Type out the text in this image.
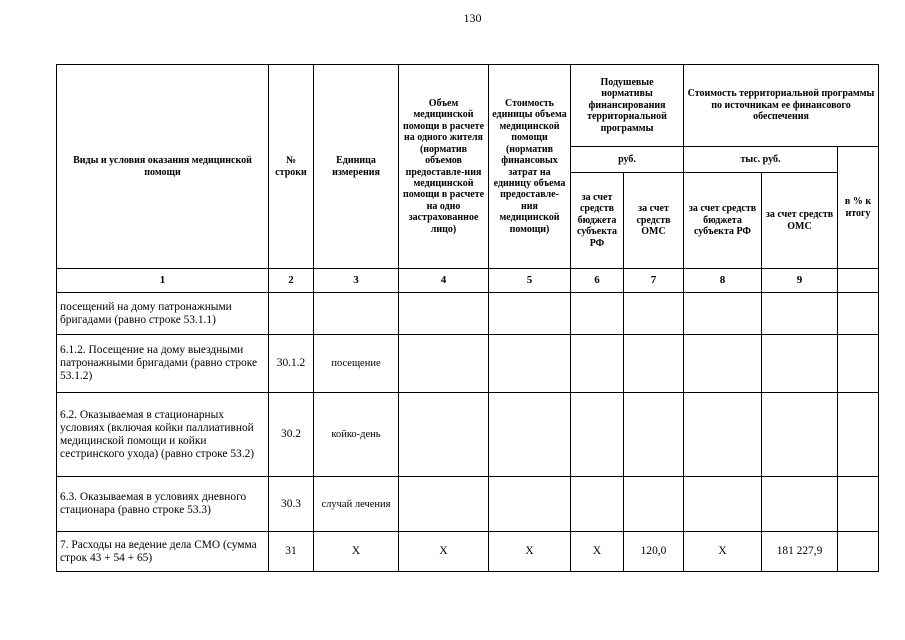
130
Виды и условия оказания медицинской помощи	№ строки	Единица измерения	Объем медицинской помощи в расчете на одного жителя (норматив объемов предоставле-ния медицинской помощи в расчете на одно застрахованное лицо)	Стоимость единицы объема медицинской помощи (норматив финансовых затрат на единицу объема предоставле-ния медицинской помощи)	Подушевые нормативы финансирования территориальной программы		Стоимость территориальной программы по источникам ее финансового обеспечения		
					руб.		тыс. руб.		в % к итогу
					за счет средств бюджета субъекта РФ	за счет средств ОМС	за счет средств бюджета субъекта РФ	за счет средств ОМС	
1	2	3	4	5	6	7	8	9	
посещений на дому патронажными бригадами (равно строке 53.1.1)									
6.1.2. Посещение на дому выездными патронажными бригадами (равно строке 53.1.2)	30.1.2	посещение							
6.2. Оказываемая в стационарных условиях (включая койки паллиативной медицинской помощи и койки сестринского ухода) (равно строке 53.2)	30.2	койко-день							
6.3. Оказываемая в условиях дневного стационара (равно строке 53.3)	30.3	случай лечения							
7. Расходы на ведение дела СМО (сумма строк 43 + 54 + 65)	31	Х	Х	Х	Х	120,0	Х	181 227,9	
